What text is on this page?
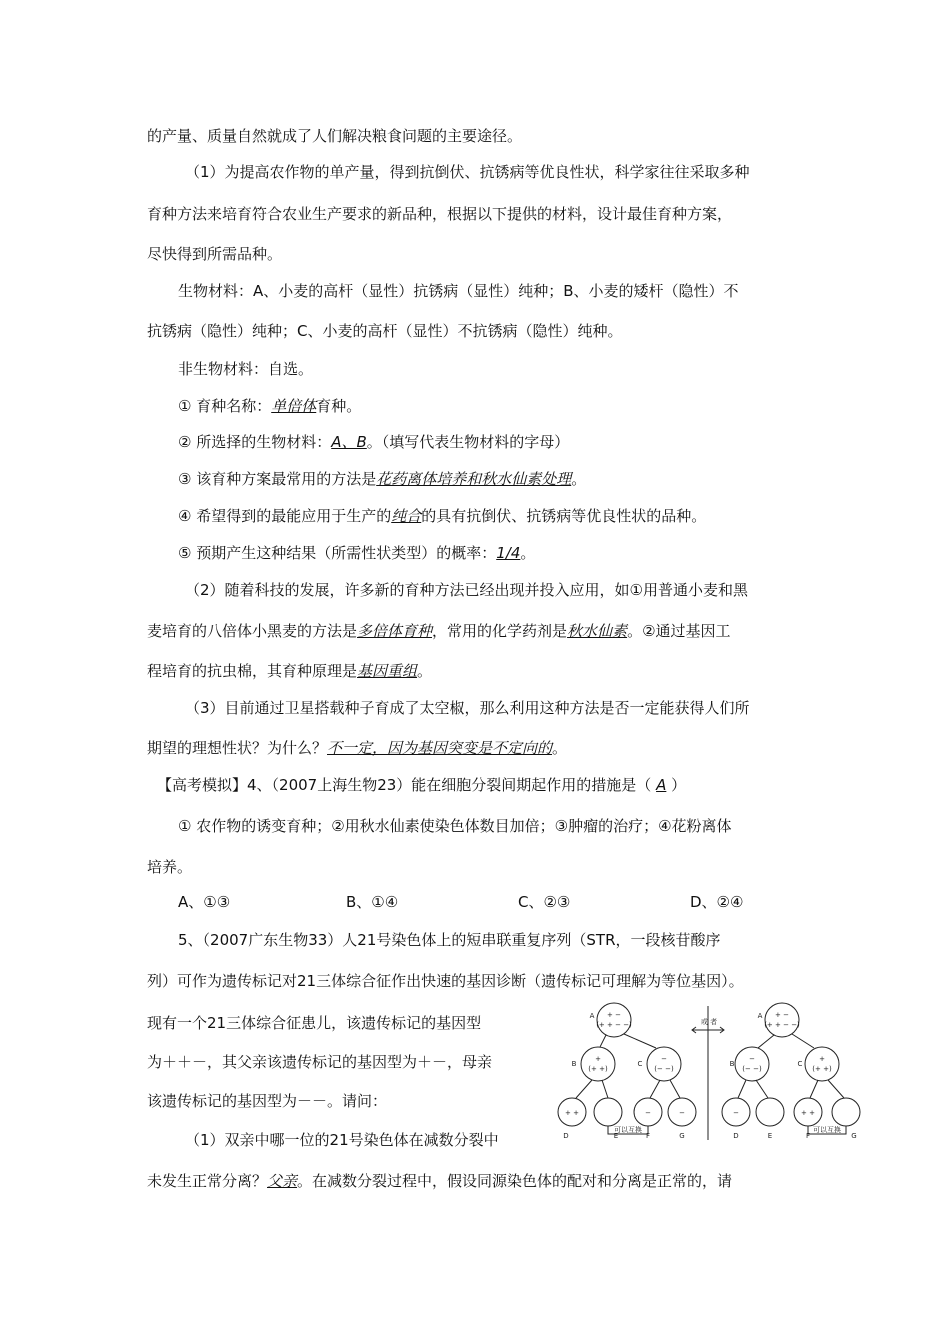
的产量、质量自然就成了人们解决粮食问题的主要途径。
（1）为提高农作物的单产量，得到抗倒伏、抗锈病等优良性状，科学家往往采取多种
育种方法来培育符合农业生产要求的新品种，根据以下提供的材料，设计最佳育种方案，
尽快得到所需品种。
生物材料：A、小麦的高杆（显性）抗锈病（显性）纯种；B、小麦的矮杆（隐性）不
抗锈病（隐性）纯种；C、小麦的高杆（显性）不抗锈病（隐性）纯种。
非生物材料：自选。
① 育种名称：单倍体育种。
② 所选择的生物材料：A、B。（填写代表生物材料的字母）
③ 该育种方案最常用的方法是花药离体培养和秋水仙素处理。
④ 希望得到的最能应用于生产的纯合的具有抗倒伏、抗锈病等优良性状的品种。
⑤ 预期产生这种结果（所需性状类型）的概率：1/4。
（2）随着科技的发展，许多新的育种方法已经出现并投入应用，如①用普通小麦和黑
麦培育的八倍体小黑麦的方法是多倍体育种，常用的化学药剂是秋水仙素。②通过基因工
程培育的抗虫棉，其育种原理是基因重组。
（3）目前通过卫星搭载种子育成了太空椒，那么利用这种方法是否一定能获得人们所
期望的理想性状？为什么？不一定，因为基因突变是不定向的。
【高考模拟】4、（2007上海生物23）能在细胞分裂间期起作用的措施是（ A ）
① 农作物的诱变育种；②用秋水仙素使染色体数目加倍；③肿瘤的治疗；④花粉离体
培养。
A、①③	B、①④	C、②③	D、②④
5、（2007广东生物33）人21号染色体上的短串联重复序列（STR，一段核苷酸序
列）可作为遗传标记对21三体综合征作出快速的基因诊断（遗传标记可理解为等位基因）。
现有一个21三体综合征患儿，该遗传标记的基因型
为＋＋－，其父亲该遗传标记的基因型为＋－，母亲
该遗传标记的基因型为－－。请问：
（1）双亲中哪一位的21号染色体在减数分裂中
未发生正常分离？父亲。在减数分裂过程中，假设同源染色体的配对和分离是正常的，请
或 者
+ −
(+ + − −)
A
+
(+ +)
B
−
(− −)
C
+ +	−	−
D	E	F	G
可以互换
+ −
(+ + − −)
A
−
(− −)
B
+
(+ +)
C
−	+ +
D	E	F	G
可以互换
